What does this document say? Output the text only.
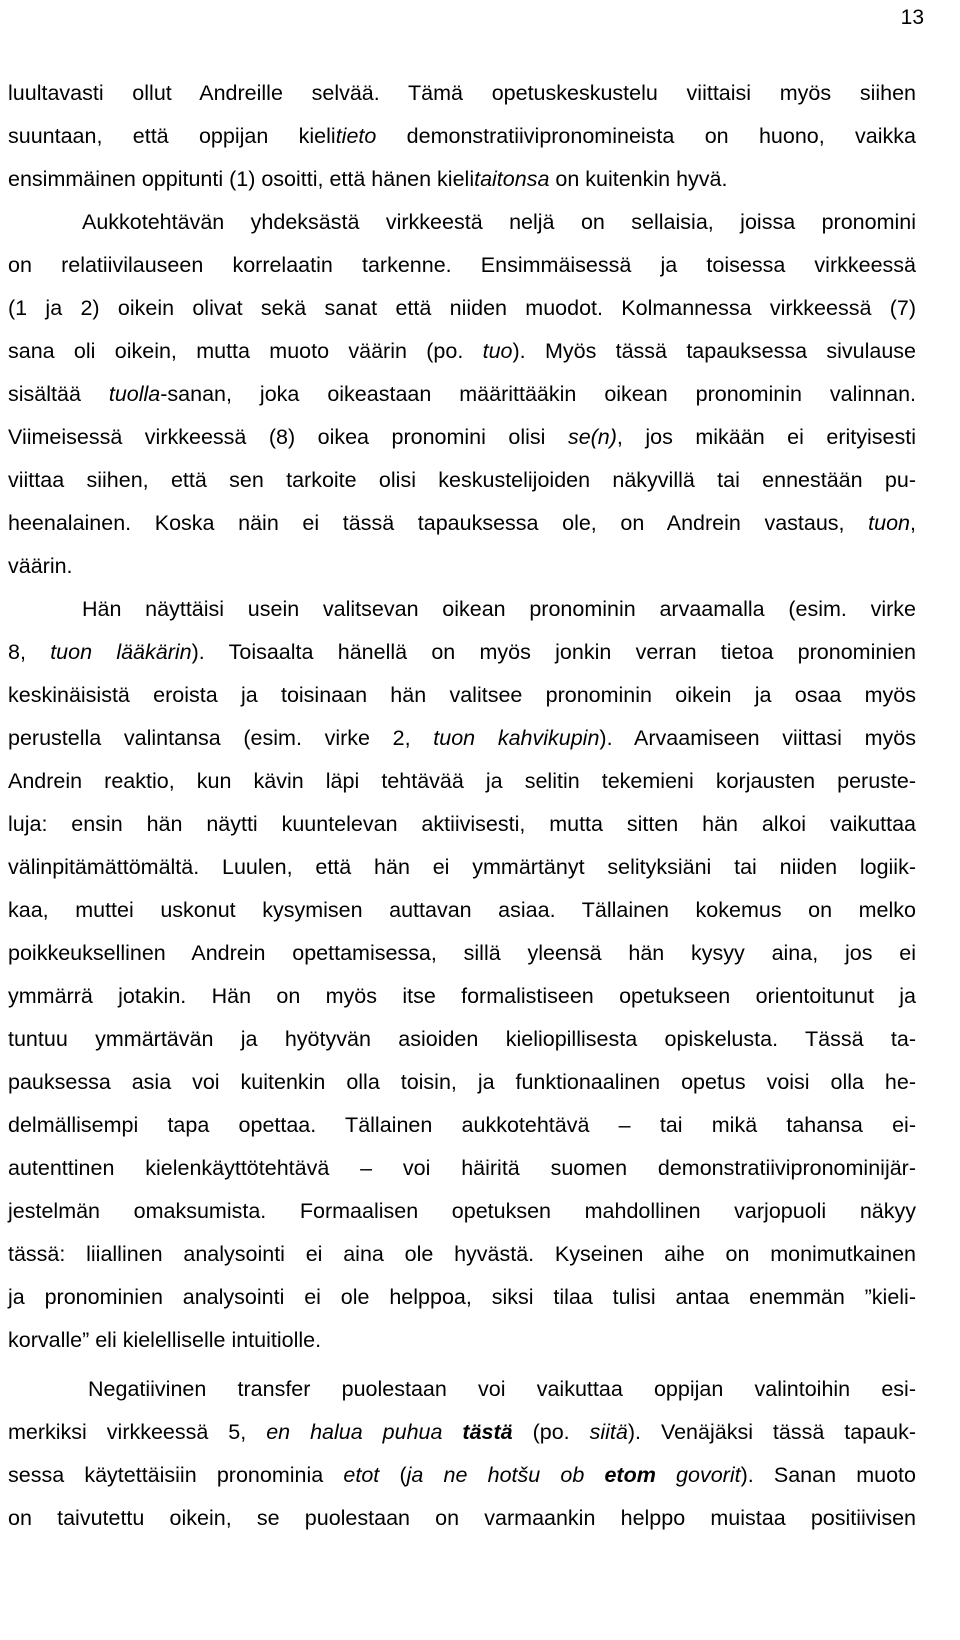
13
luultavasti ollut Andreille selvää. Tämä opetuskeskustelu viittaisi myös siihen
suuntaan, että oppijan kielitieto demonstratiivipronomineista on huono, vaikka
ensimmäinen oppitunti (1) osoitti, että hänen kielitaitonsa on kuitenkin hyvä.
Aukkotehtävän yhdeksästä virkkeestä neljä on sellaisia, joissa pronomini
on relatiivilauseen korrelaatin tarkenne. Ensimmäisessä ja toisessa virkkeessä
(1 ja 2) oikein olivat sekä sanat että niiden muodot. Kolmannessa virkkeessä (7)
sana oli oikein, mutta muoto väärin (po. tuo). Myös tässä tapauksessa sivulause
sisältää tuolla-sanan, joka oikeastaan määrittääkin oikean pronominin valinnan.
Viimeisessä virkkeessä (8) oikea pronomini olisi se(n), jos mikään ei erityisesti
viittaa siihen, että sen tarkoite olisi keskustelijoiden näkyvillä tai ennestään pu-
heenalainen. Koska näin ei tässä tapauksessa ole, on Andrein vastaus, tuon,
väärin.
Hän näyttäisi usein valitsevan oikean pronominin arvaamalla (esim. virke
8, tuon lääkärin). Toisaalta hänellä on myös jonkin verran tietoa pronominien
keskinäisistä eroista ja toisinaan hän valitsee pronominin oikein ja osaa myös
perustella valintansa (esim. virke 2, tuon kahvikupin). Arvaamiseen viittasi myös
Andrein reaktio, kun kävin läpi tehtävää ja selitin tekemieni korjausten peruste-
luja: ensin hän näytti kuuntelevan aktiivisesti, mutta sitten hän alkoi vaikuttaa
välinpitämättömältä. Luulen, että hän ei ymmärtänyt selityksiäni tai niiden logiik-
kaa, muttei uskonut kysymisen auttavan asiaa. Tällainen kokemus on melko
poikkeuksellinen Andrein opettamisessa, sillä yleensä hän kysyy aina, jos ei
ymmärrä jotakin. Hän on myös itse formalistiseen opetukseen orientoitunut ja
tuntuu ymmärtävän ja hyötyvän asioiden kieliopillisesta opiskelusta. Tässä ta-
pauksessa asia voi kuitenkin olla toisin, ja funktionaalinen opetus voisi olla he-
delmällisempi tapa opettaa. Tällainen aukkotehtävä – tai mikä tahansa ei-
autenttinen kielenkäyttötehtävä – voi häiritä suomen demonstratiivipronominijär-
jestelmän omaksumista. Formaalisen opetuksen mahdollinen varjopuoli näkyy
tässä: liiallinen analysointi ei aina ole hyvästä. Kyseinen aihe on monimutkainen
ja pronominien analysointi ei ole helppoa, siksi tilaa tulisi antaa enemmän ”kieli-
korvalle” eli kielelliselle intuitiolle.
Negatiivinen transfer puolestaan voi vaikuttaa oppijan valintoihin esi-
merkiksi virkkeessä 5, en halua puhua tästä (po. siitä). Venäjäksi tässä tapauk-
sessa käytettäisiin pronominia etot (ja ne hotšu ob etom govorit). Sanan muoto
on taivutettu oikein, se puolestaan on varmaankin helppo muistaa positiivisen
